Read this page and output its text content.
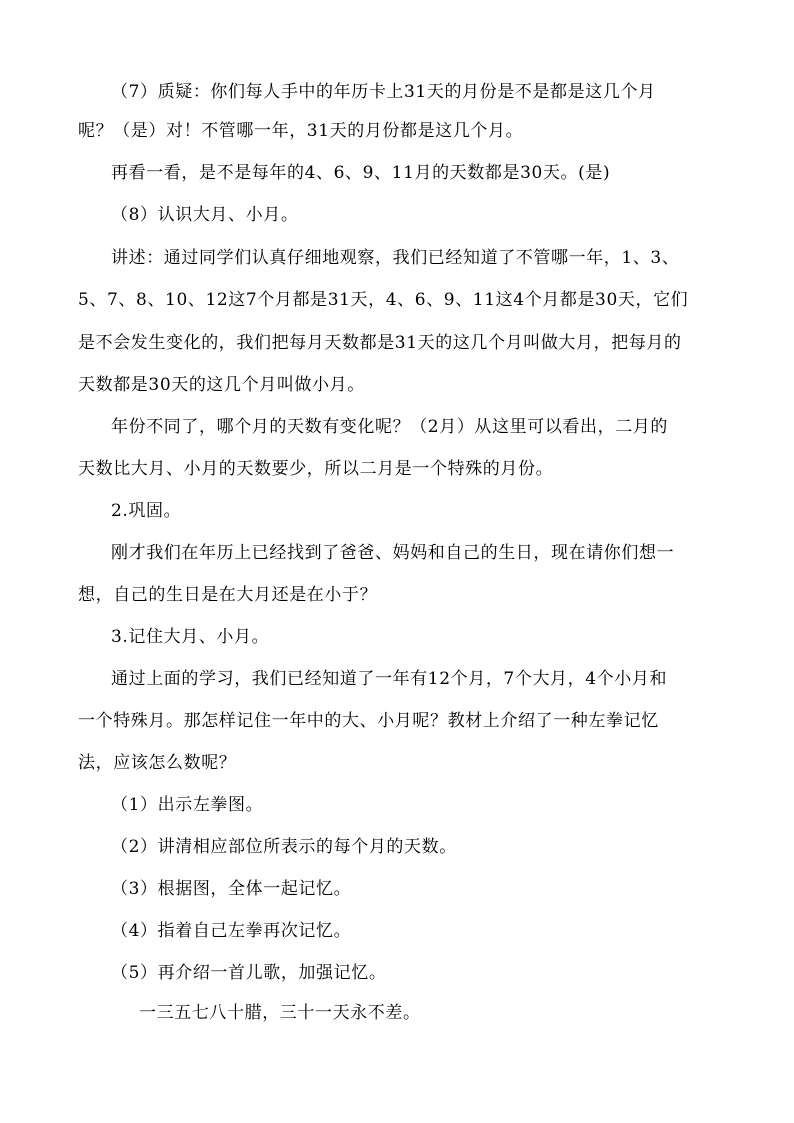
（7）质疑：你们每人手中的年历卡上31天的月份是不是都是这几个月
呢？（是）对！不管哪一年，31天的月份都是这几个月。
再看一看，是不是每年的4、6、9、11月的天数都是30天。(是)
（8）认识大月、小月。
讲述：通过同学们认真仔细地观察，我们已经知道了不管哪一年，1、3、
5、7、8、10、12这7个月都是31天，4、6、9、11这4个月都是30天，它们
是不会发生变化的，我们把每月天数都是31天的这几个月叫做大月，把每月的
天数都是30天的这几个月叫做小月。
年份不同了，哪个月的天数有变化呢？（2月）从这里可以看出，二月的
天数比大月、小月的天数要少，所以二月是一个特殊的月份。
2.巩固。
刚才我们在年历上已经找到了爸爸、妈妈和自己的生日，现在请你们想一
想，自己的生日是在大月还是在小于？
3.记住大月、小月。
通过上面的学习，我们已经知道了一年有12个月，7个大月，4个小月和
一个特殊月。那怎样记住一年中的大、小月呢？教材上介绍了一种左拳记忆
法，应该怎么数呢？
（1）出示左拳图。
（2）讲清相应部位所表示的每个月的天数。
（3）根据图，全体一起记忆。
（4）指着自己左拳再次记忆。
（5）再介绍一首儿歌，加强记忆。
一三五七八十腊，三十一天永不差。
